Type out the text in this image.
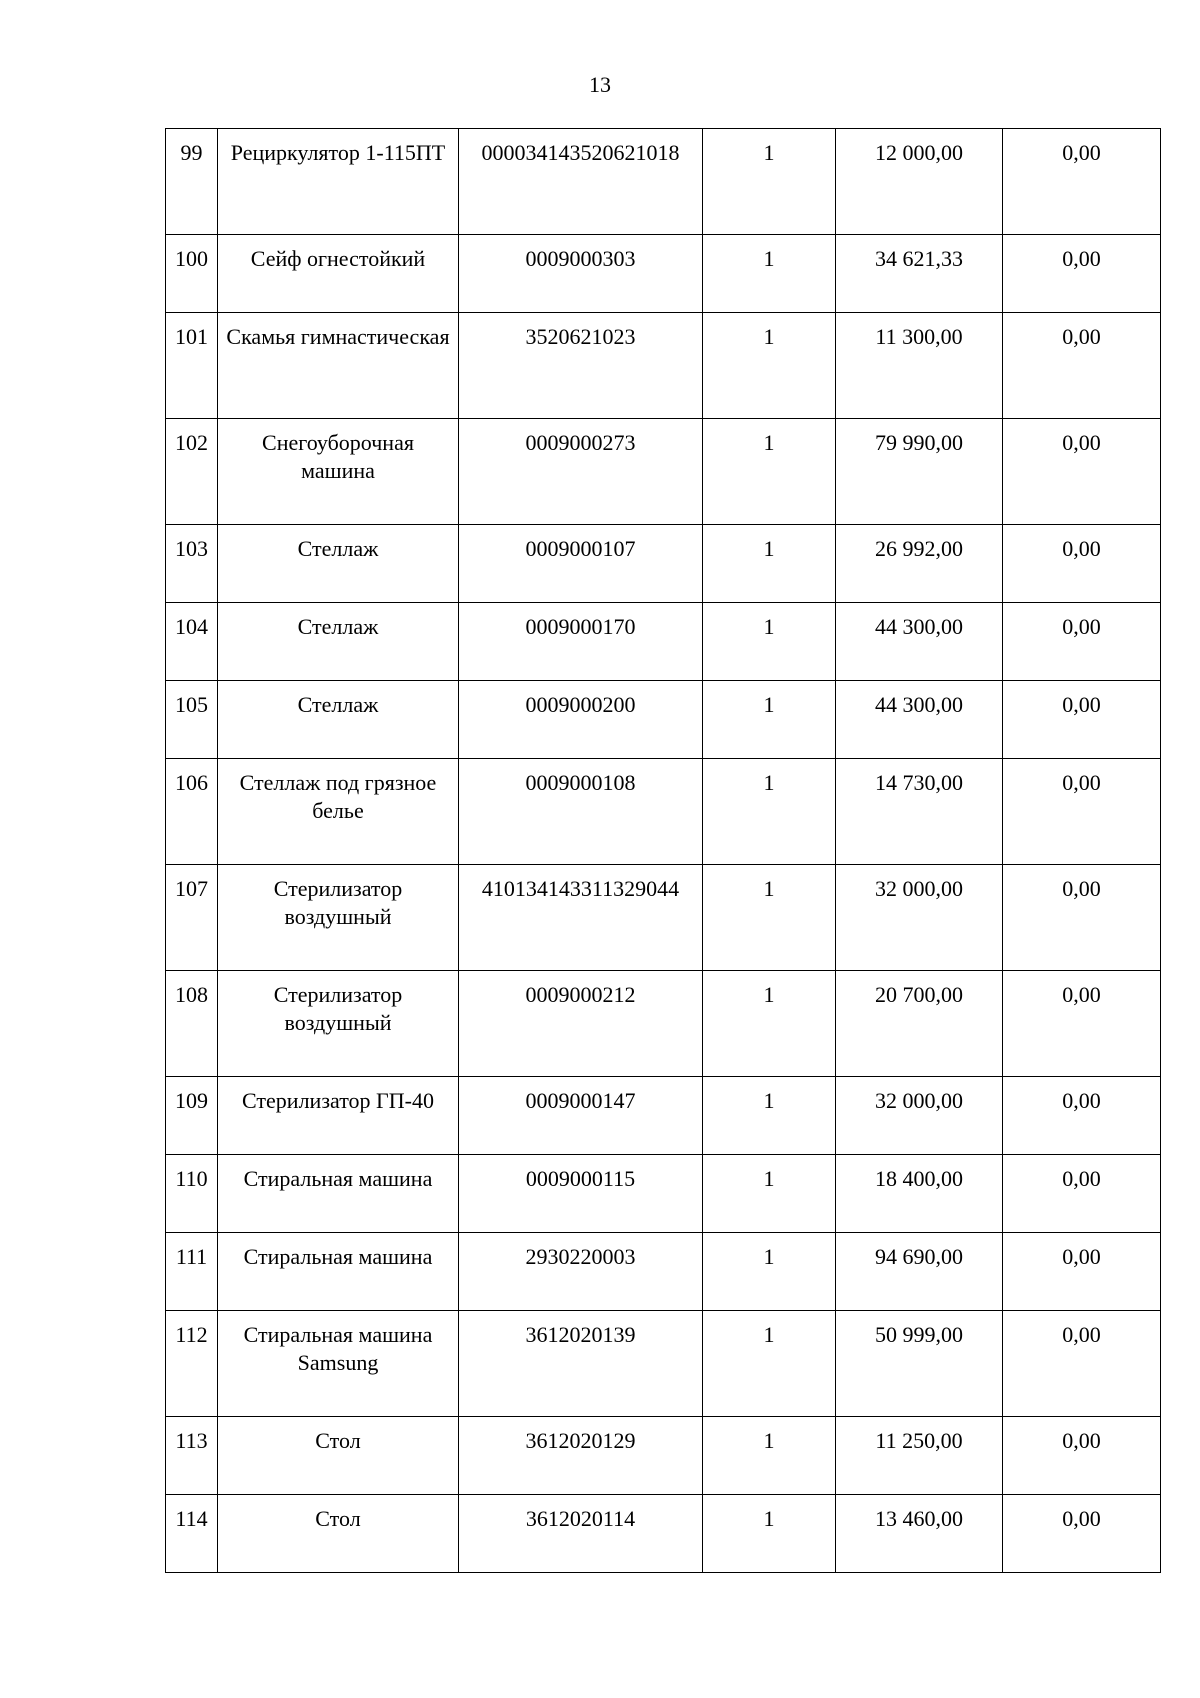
13
99	Рециркулятор 1-115ПТ	000034143520621018	1	12 000,00	0,00
100	Сейф огнестойкий	0009000303	1	34 621,33	0,00
101	Скамья гимнастическая	3520621023	1	11 300,00	0,00
102	Снегоуборочная машина	0009000273	1	79 990,00	0,00
103	Стеллаж	0009000107	1	26 992,00	0,00
104	Стеллаж	0009000170	1	44 300,00	0,00
105	Стеллаж	0009000200	1	44 300,00	0,00
106	Стеллаж под грязное белье	0009000108	1	14 730,00	0,00
107	Стерилизатор воздушный	410134143311329044	1	32 000,00	0,00
108	Стерилизатор воздушный	0009000212	1	20 700,00	0,00
109	Стерилизатор ГП-40	0009000147	1	32 000,00	0,00
110	Стиральная машина	0009000115	1	18 400,00	0,00
111	Стиральная машина	2930220003	1	94 690,00	0,00
112	Стиральная машина Samsung	3612020139	1	50 999,00	0,00
113	Стол	3612020129	1	11 250,00	0,00
114	Стол	3612020114	1	13 460,00	0,00
